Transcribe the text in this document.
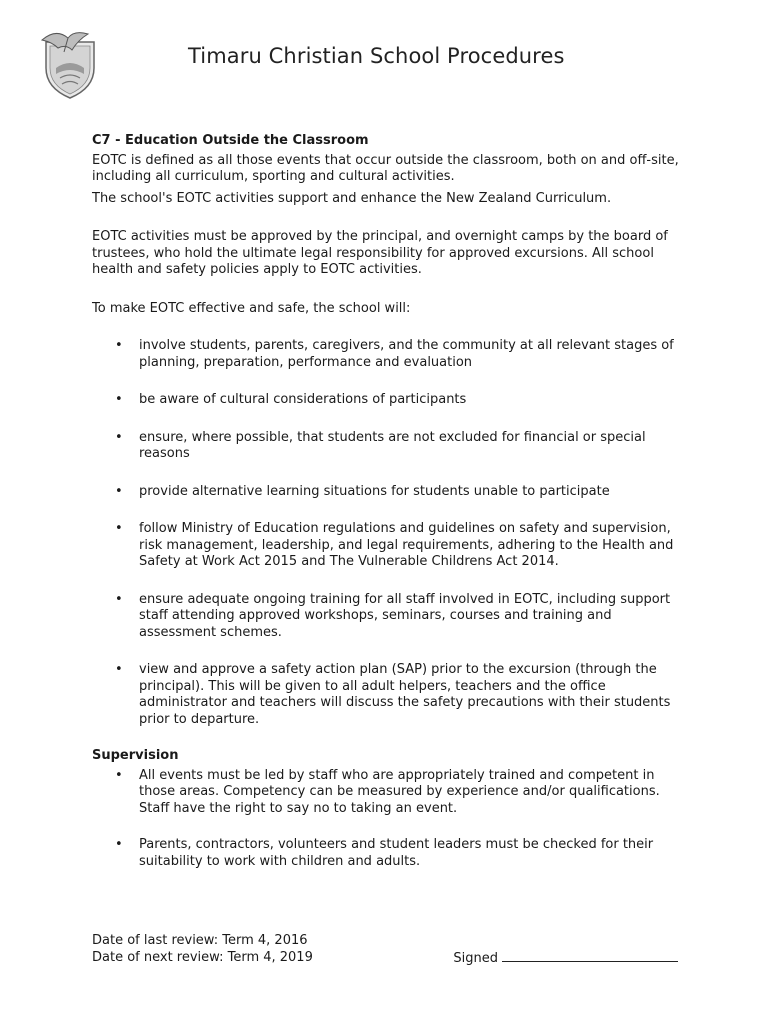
Timaru Christian School Procedures
C7 - Education Outside the Classroom

EOTC is defined as all those events that occur outside the classroom, both on and off-site, including all curriculum, sporting and cultural activities.

The school's EOTC activities support and enhance the New Zealand Curriculum.

EOTC activities must be approved by the principal, and overnight camps by the board of trustees, who hold the ultimate legal responsibility for approved excursions. All school health and safety policies apply to EOTC activities.

To make EOTC effective and safe, the school will:

• involve students, parents, caregivers, and the community at all relevant stages of planning, preparation, performance and evaluation
• be aware of cultural considerations of participants
• ensure, where possible, that students are not excluded for financial or special reasons
• provide alternative learning situations for students unable to participate
• follow Ministry of Education regulations and guidelines on safety and supervision, risk management, leadership, and legal requirements, adhering to the Health and Safety at Work Act 2015 and The Vulnerable Childrens Act 2014.
• ensure adequate ongoing training for all staff involved in EOTC, including support staff attending approved workshops, seminars, courses and training and assessment schemes.
• view and approve a safety action plan (SAP) prior to the excursion (through the principal). This will be given to all adult helpers, teachers and the office administrator and teachers will discuss the safety precautions with their students prior to departure.
Supervision
• All events must be led by staff who are appropriately trained and competent in those areas. Competency can be measured by experience and/or qualifications. Staff have the right to say no to taking an event.
• Parents, contractors, volunteers and student leaders must be checked for their suitability to work with children and adults.
Date of last review: Term 4, 2016
Date of next review: Term 4, 2019	Signed
